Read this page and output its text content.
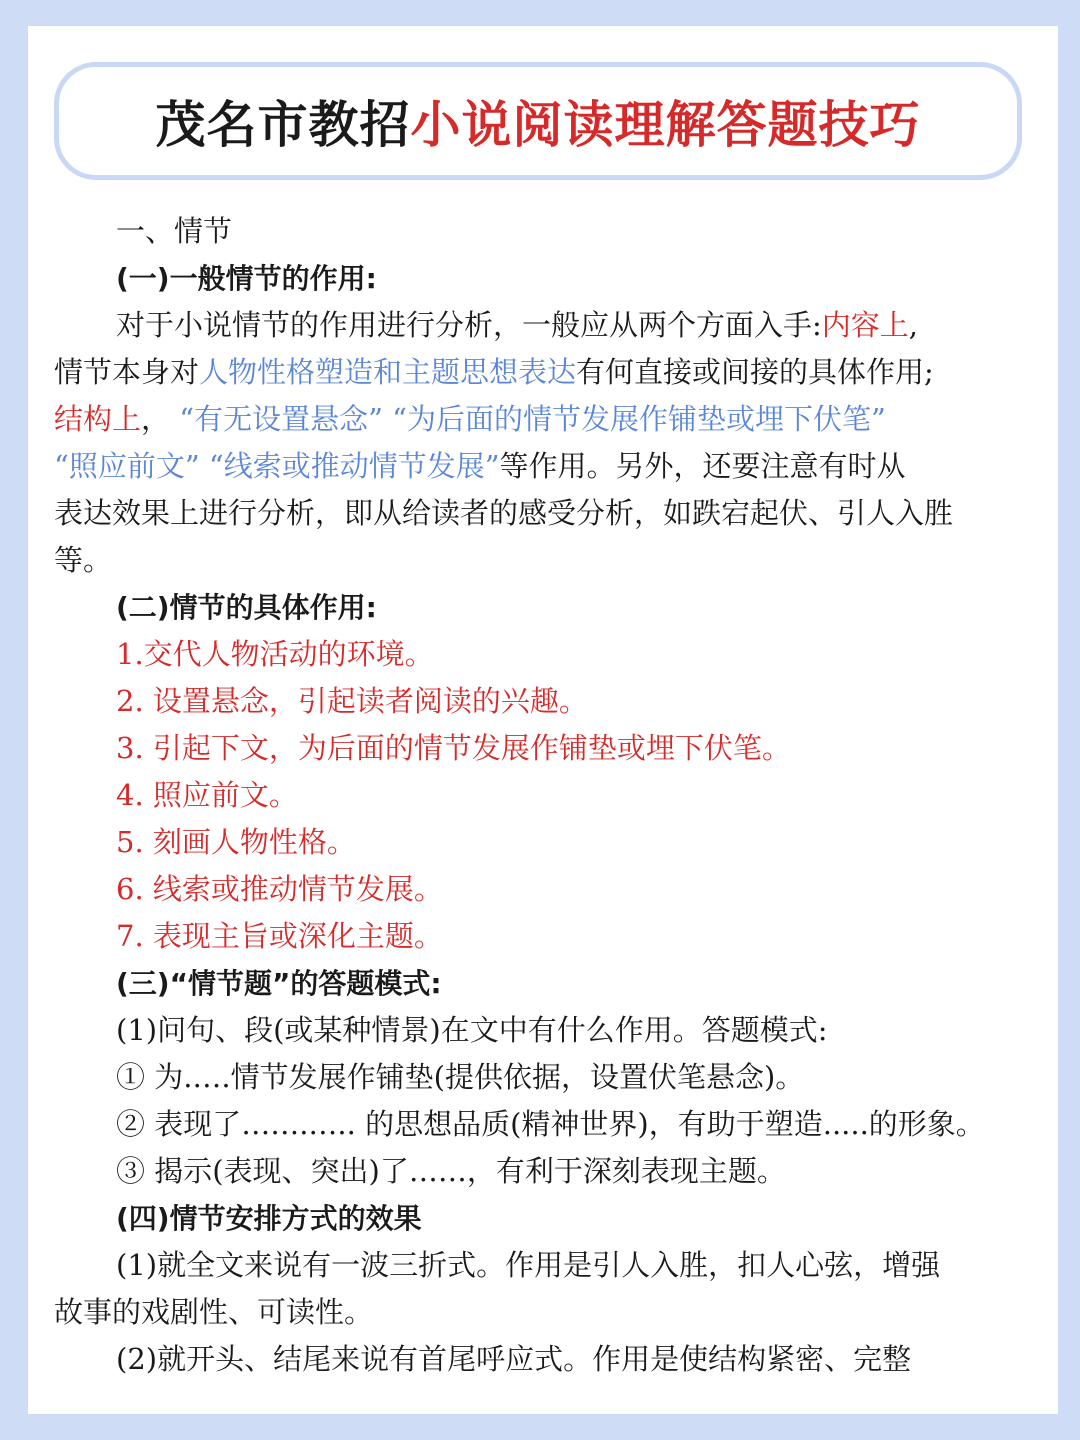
茂名市教招 小说阅读理解答题技巧
一、情节
(一)一般情节的作用:
对于小说情节的作用进行分析，一般应从两个方面入手:内容上,
情节本身对人物性格塑造和主题思想表达有何直接或间接的具体作用;
结构上， “有无设置悬念” “为后面的情节发展作铺垫或埋下伏笔”
“照应前文” “线索或推动情节发展”等作用。另外，还要注意有时从
表达效果上进行分析，即从给读者的感受分析，如跌宕起伏、引人入胜
等。
(二)情节的具体作用:
1.交代人物活动的环境。
2. 设置悬念，引起读者阅读的兴趣。
3. 引起下文，为后面的情节发展作铺垫或埋下伏笔。
4. 照应前文。
5. 刻画人物性格。
6. 线索或推动情节发展。
7. 表现主旨或深化主题。
(三)“情节题”的答题模式:
(1)问句、段(或某种情景)在文中有什么作用。答题模式:
① 为.….情节发展作铺垫(提供依据，设置伏笔悬念)。
② 表现了…….….. 的思想品质(精神世界)，有助于塑造.....的形象。
③ 揭示(表现、突出)了……，有利于深刻表现主题。
(四)情节安排方式的效果
(1)就全文来说有一波三折式。作用是引人入胜，扣人心弦，增强
故事的戏剧性、可读性。
(2)就开头、结尾来说有首尾呼应式。作用是使结构紧密、完整
